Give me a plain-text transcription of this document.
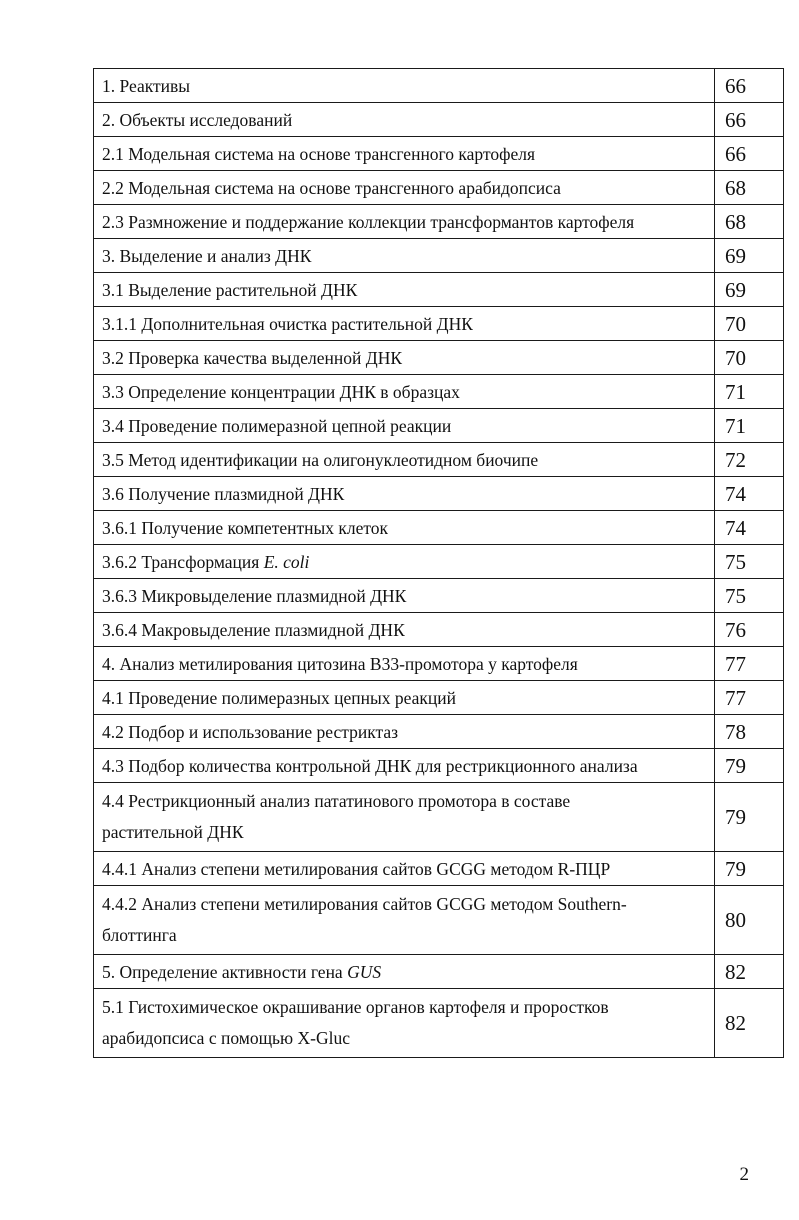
1. Реактивы	66
2. Объекты исследований	66
2.1 Модельная система на основе трансгенного картофеля	66
2.2 Модельная система на основе трансгенного арабидопсиса	68
2.3 Размножение и поддержание коллекции трансформантов картофеля	68
3. Выделение и анализ ДНК	69
3.1 Выделение растительной ДНК	69
3.1.1 Дополнительная очистка растительной ДНК	70
3.2 Проверка качества выделенной ДНК	70
3.3 Определение концентрации ДНК в образцах	71
3.4 Проведение полимеразной цепной реакции	71
3.5 Метод идентификации на олигонуклеотидном биочипе	72
3.6 Получение плазмидной ДНК	74
3.6.1 Получение компетентных клеток	74
3.6.2 Трансформация E. coli	75
3.6.3 Микровыделение плазмидной ДНК	75
3.6.4 Макровыделение плазмидной ДНК	76
4. Анализ метилирования цитозина B33-промотора у картофеля	77
4.1 Проведение полимеразных цепных реакций	77
4.2 Подбор и использование рестриктаз	78
4.3 Подбор количества контрольной ДНК для рестрикционного анализа	79
4.4 Рестрикционный анализ пататинового промотора в составе
растительной ДНК	79
4.4.1 Анализ степени метилирования сайтов GCGG методом R-ПЦР	79
4.4.2 Анализ степени метилирования сайтов GCGG методом Southern-
блоттинга	80
5. Определение активности гена GUS	82
5.1 Гистохимическое окрашивание органов картофеля и проростков
арабидопсиса с помощью X-Gluc	82
2
